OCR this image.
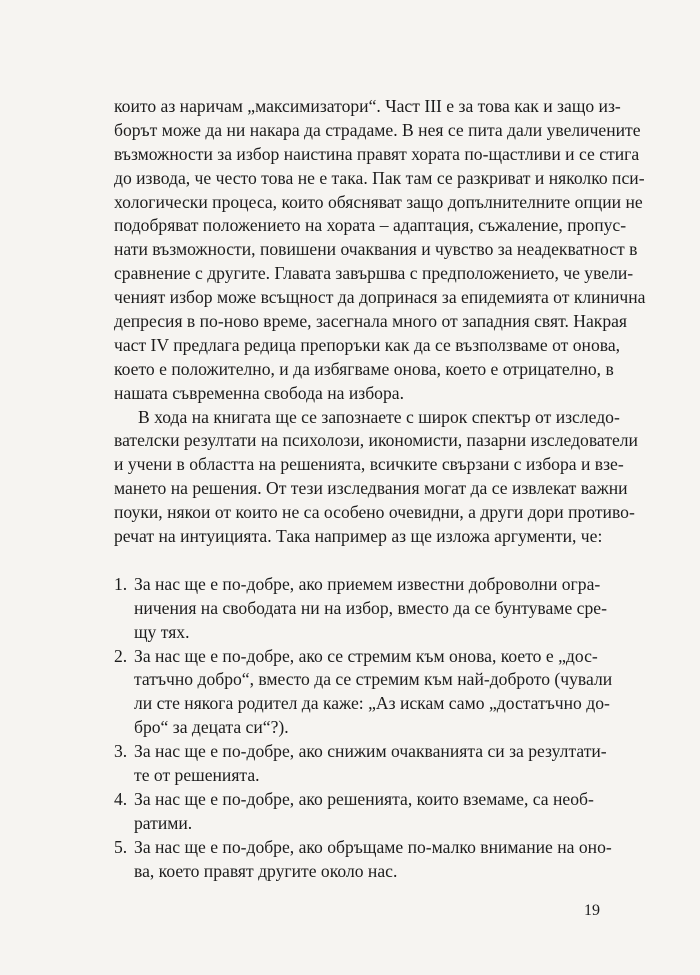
които аз наричам „максимизатори“. Част III е за това как и защо из-
борът може да ни накара да страдаме. В нея се пита дали увеличените
възможности за избор наистина правят хората по-щастливи и се стига
до извода, че често това не е така. Пак там се разкриват и няколко пси-
хологически процеса, които обясняват защо допълнителните опции не
подобряват положението на хората – адаптация, съжаление, пропус-
нати възможности, повишени очаквания и чувство за неадекватност в
сравнение с другите. Главата завършва с предположението, че увели-
ченият избор може всъщност да допринася за епидемията от клинична
депресия в по-ново време, засегнала много от западния свят. Накрая
част IV предлага редица препоръки как да се възползваме от онова,
което е положително, и да избягваме онова, което е отрицателно, в
нашата съвременна свобода на избора.
В хода на книгата ще се запознаете с широк спектър от изследо-
вателски резултати на психолози, икономисти, пазарни изследователи
и учени в областта на решенията, всичките свързани с избора и взе-
мането на решения. От тези изследвания могат да се извлекат важни
поуки, някои от които не са особено очевидни, а други дори противо-
речат на интуицията. Така например аз ще изложа аргументи, че:
1. За нас ще е по-добре, ако приемем известни доброволни огра-
ничения на свободата ни на избор, вместо да се бунтуваме сре-
щу тях.
2. За нас ще е по-добре, ако се стремим към онова, което е „дос-
татъчно добро“, вместо да се стремим към най-доброто (чували
ли сте някога родител да каже: „Аз искам само „достатъчно до-
бро“ за децата си“?).
3. За нас ще е по-добре, ако снижим очакванията си за резултати-
те от решенията.
4. За нас ще е по-добре, ако решенията, които вземаме, са необ-
ратими.
5. За нас ще е по-добре, ако обръщаме по-малко внимание на оно-
ва, което правят другите около нас.
19
